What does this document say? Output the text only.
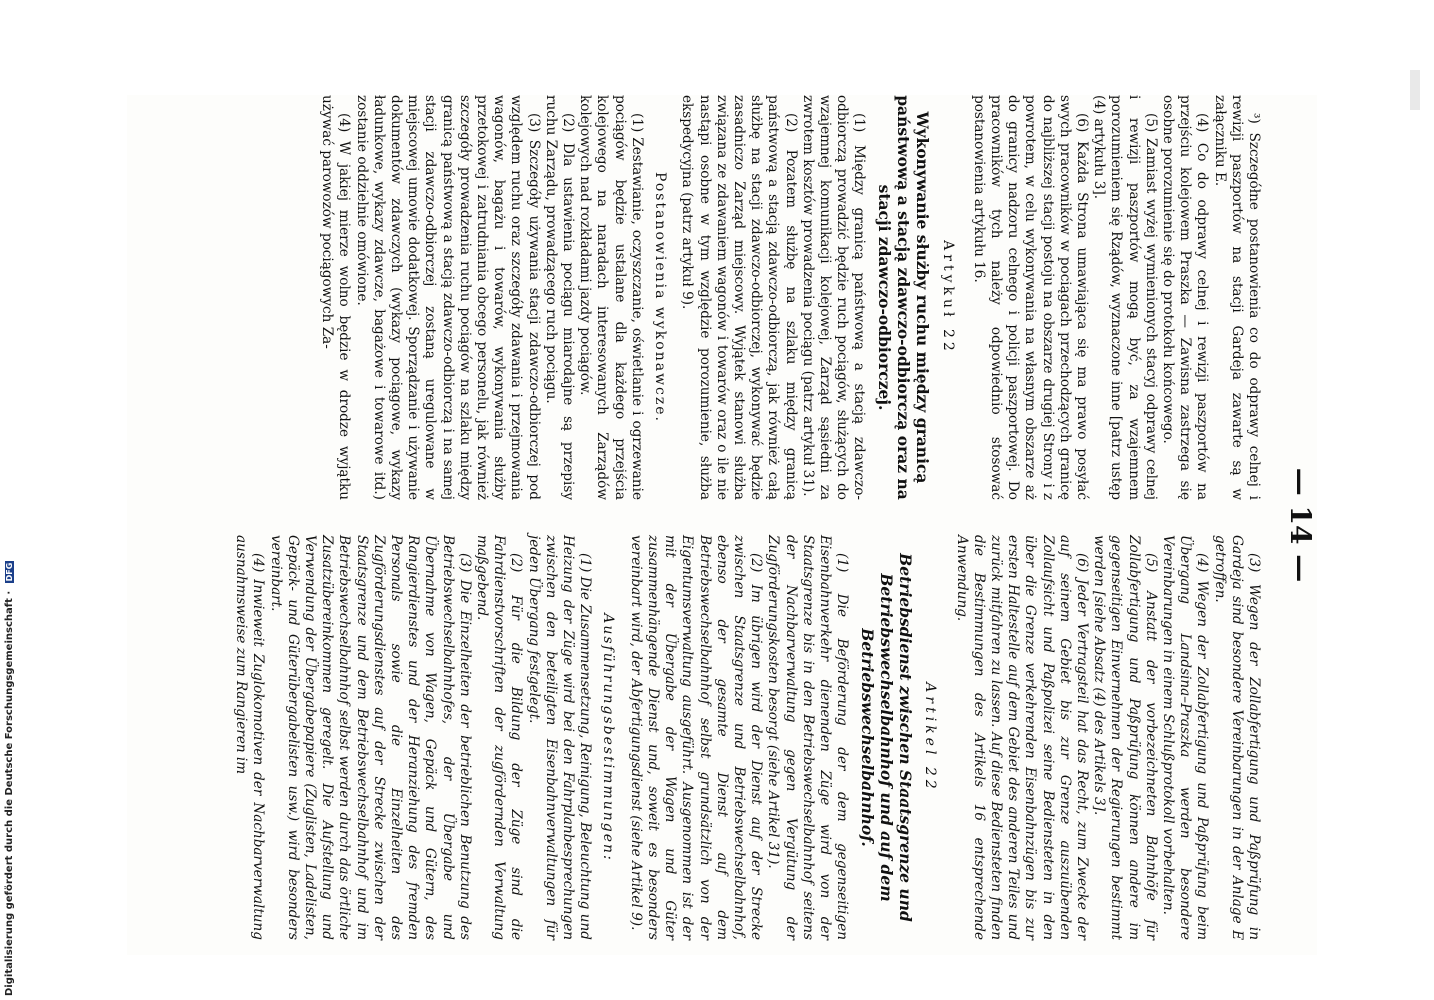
— 14 —

³) Szczegółne postanowienia co do odprawy celnej i rewizji paszportów na stacji Gardeja zawarte są w załączniku E.

(4) Co do odprawy celnej i rewizji paszportów na przejściu kolejowem Praszka — Zawisna zastrzega się osobne porozumienie się do protokołu końcowego.

(5) Zamiast wyżej wymienionych stacyj odprawy celnej i rewizji paszportów mogą być, za wzajemnem porozumieniem się Rządów, wyznaczone inne [patrz ustęp (4) artykułu 3].

(6) Każda Strona umawiająca się ma prawo posyłać swych pracowników w pociągach przechodzących granicę do najbliższej stacji postoju na obszarze drugiej Strony i z powrotem, w celu wykonywania na własnym obszarze aż do granicy nadzoru celnego i policji paszportowej. Do pracowników tych należy odpowiednio stosować postanowienia artykułu 16.

Artykuł 22
Wykonywanie służby ruchu między granicą państwową a stacją zdawczo-odbiorczą oraz na stacji zdawczo-odbiorczej.

(1) Między granicą państwową a stacją zdawczo-odbiorczą prowadzić będzie ruch pociągów, służących do wzajemnej komunikacji kolejowej, Zarząd sąsiedni za zwrotem kosztów prowadzenia pociągu (patrz artykuł 31).

(2) Pozatem służbę na szlaku między granicą państwową a stacją zdawczo-odbiorczą, jak również całą służbę na stacji zdawczo-odbiorczej, wykonywać będzie zasadniczo Zarząd miejscowy. Wyjątek stanowi służba związana ze zdawaniem wagonów i towarów oraz o ile nie nastąpi osobne w tym względzie porozumienie, służba ekspedycyjna (patrz artykuł 9).

Postanowienia wykonawcze.

(1) Zestawianie, oczyszczanie, oświetlanie i ogrzewanie pociągów będzie ustalane dla każdego przejścia kolejowego na naradach interesowanych Zarządów kolejowych nad rozkładami jazdy pociągów.

(2) Dla ustawienia pociągu miarodajne są przepisy ruchu Zarządu, prowadzącego ruch pociągu.

(3) Szczegóły używania stacji zdawczo-odbiorczej pod względem ruchu oraz szczegóły zdawania i przejmowania wagonów, bagażu i towarów, wykonywania służby przetokowej i zatrudniania obcego personelu, jak również szczegóły prowadzenia ruchu pociągów na szlaku między granicą państwową a stacją zdawczo-odbiorczą i na samej stacji zdawczo-odbiorczej zostaną uregulowane w miejscowej umowie dodatkowej. Sporządzanie i używanie dokumentów zdawczych (wykazy pociągowe, wykazy ładunkowe, wykazy zdawcze, bagażowe i towarowe itd.) zostanie oddzielnie omówione.

(4) W jakiej mierze wolno będzie w drodze wyjątku używać parowozów pociągowych Za-

(3) Wegen der Zollabfertigung und Paßprüfung in Gardeja sind besondere Vereinbarungen in der Anlage E getroffen.

(4) Wegen der Zollabfertigung und Paßprüfung beim Übergang Landsina–Praszka werden besondere Vereinbarungen in einem Schlußprotokoll vorbehalten.

(5) Anstatt der vorbezeichneten Bahnhöfe für Zollabfertigung und Paßprüfung können andere im gegenseitigen Einvernehmen der Regierungen bestimmt werden [siehe Absatz (4) des Artikels 3].

(6) Jeder Vertragsteil hat das Recht, zum Zwecke der auf seinem Gebiet bis zur Grenze auszuübenden Zollaufsicht und Paßpolizei seine Bediensteten in den über die Grenze verkehrenden Eisenbahnzügen bis zur ersten Haltestelle auf dem Gebiet des anderen Teiles und zurück mitfahren zu lassen. Auf diese Bediensteten finden die Bestimmungen des Artikels 16 entsprechende Anwendung.

Artikel 22
Betriebsdienst zwischen Staatsgrenze und Betriebswechselbahnhof und auf dem Betriebswechselbahnhof.

(1) Die Beförderung der dem gegenseitigen Eisenbahnverkehr dienenden Züge wird von der Staatsgrenze bis in den Betriebswechselbahnhof seitens der Nachbarverwaltung gegen Vergütung der Zugförderungskosten besorgt (siehe Artikel 31).

(2) Im übrigen wird der Dienst auf der Strecke zwischen Staatsgrenze und Betriebswechselbahnhof, ebenso der gesamte Dienst auf dem Betriebswechselbahnhof selbst grundsätzlich von der Eigentumsverwaltung ausgeführt. Ausgenommen ist der mit der Übergabe der Wagen und Güter zusammenhängende Dienst und, soweit es besonders vereinbart wird, der Abfertigungsdienst (siehe Artikel 9).

Ausführungsbestimmungen:

(1) Die Zusammensetzung, Reinigung, Beleuchtung und Heizung der Züge wird bei den Fahrplanbesprechungen zwischen den beteiligten Eisenbahnverwaltungen für jeden Übergang festgelegt.

(2) Für die Bildung der Züge sind die Fahrdienstvorschriften der zugfördernden Verwaltung maßgebend.

(3) Die Einzelheiten der betrieblichen Benutzung des Betriebswechselbahnhofes, der Übergabe und Übernahme von Wagen, Gepäck und Gütern, des Rangierdienstes und der Heranziehung des fremden Personals sowie die Einzelheiten des Zugförderungsdienstes auf der Strecke zwischen der Staatsgrenze und dem Betriebswechselbahnhof und im Betriebswechselbahnhof selbst werden durch das örtliche Zusatzübereinkommen geregelt. Die Aufstellung und Verwendung der Übergabepapiere (Zuglisten, Ladelisten, Gepäck- und Güterübergabelisten usw.) wird besonders vereinbart.

(4) Inwieweit Zuglokomotiven der Nachbarverwaltung ausnahmsweise zum Rangieren im

Digitalisierung gefördert durch die Deutsche Forschungsgemeinschaft · DFG
